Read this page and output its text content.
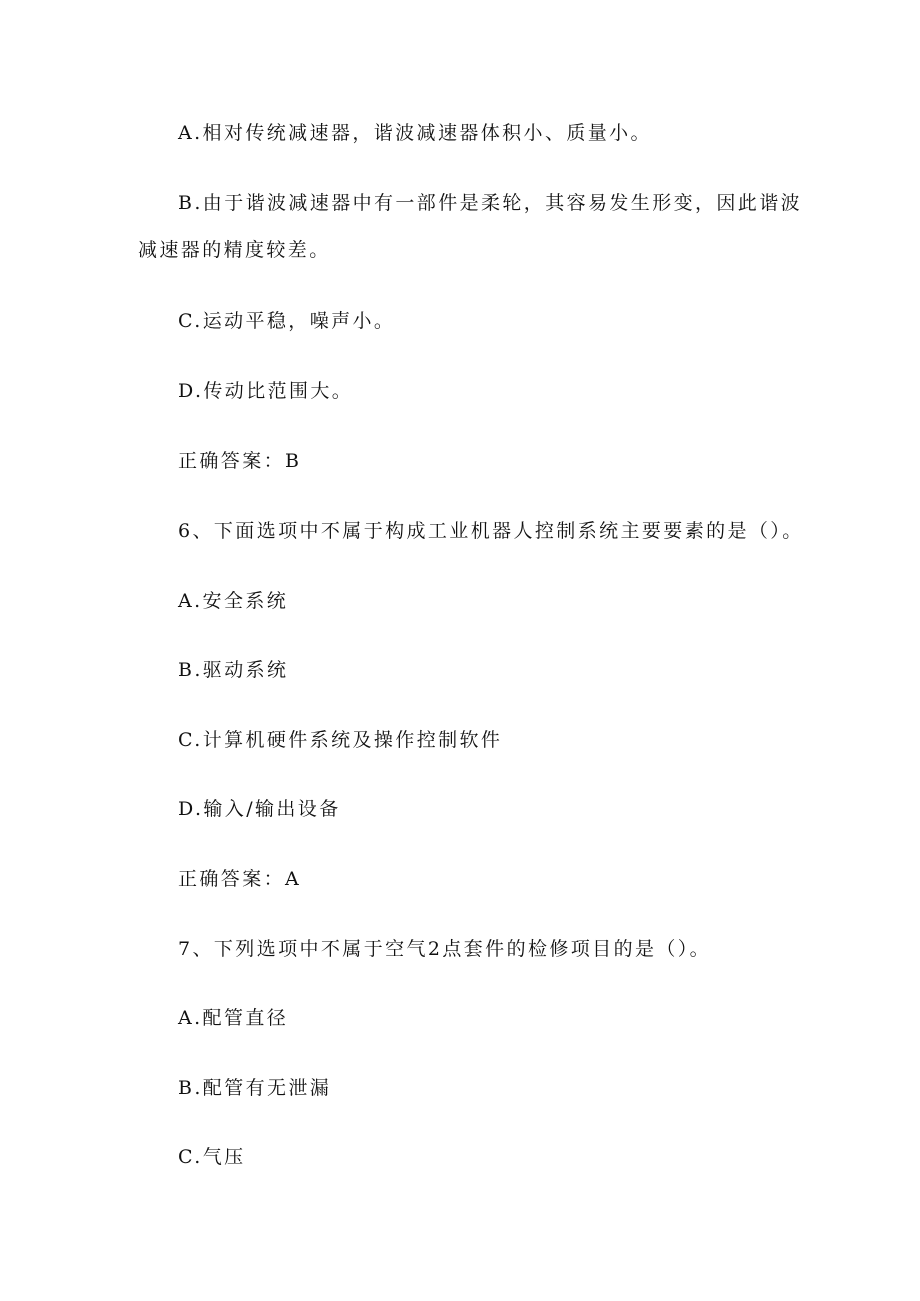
A.相对传统减速器，谐波减速器体积小、质量小。

B.由于谐波减速器中有一部件是柔轮，其容易发生形变，因此谐波

减速器的精度较差。

C.运动平稳，噪声小。

D.传动比范围大。

正确答案：B

6、下面选项中不属于构成工业机器人控制系统主要要素的是（）。

A.安全系统

B.驱动系统

C.计算机硬件系统及操作控制软件

D.输入/输出设备

正确答案：A

7、下列选项中不属于空气2点套件的检修项目的是（）。

A.配管直径

B.配管有无泄漏

C.气压
